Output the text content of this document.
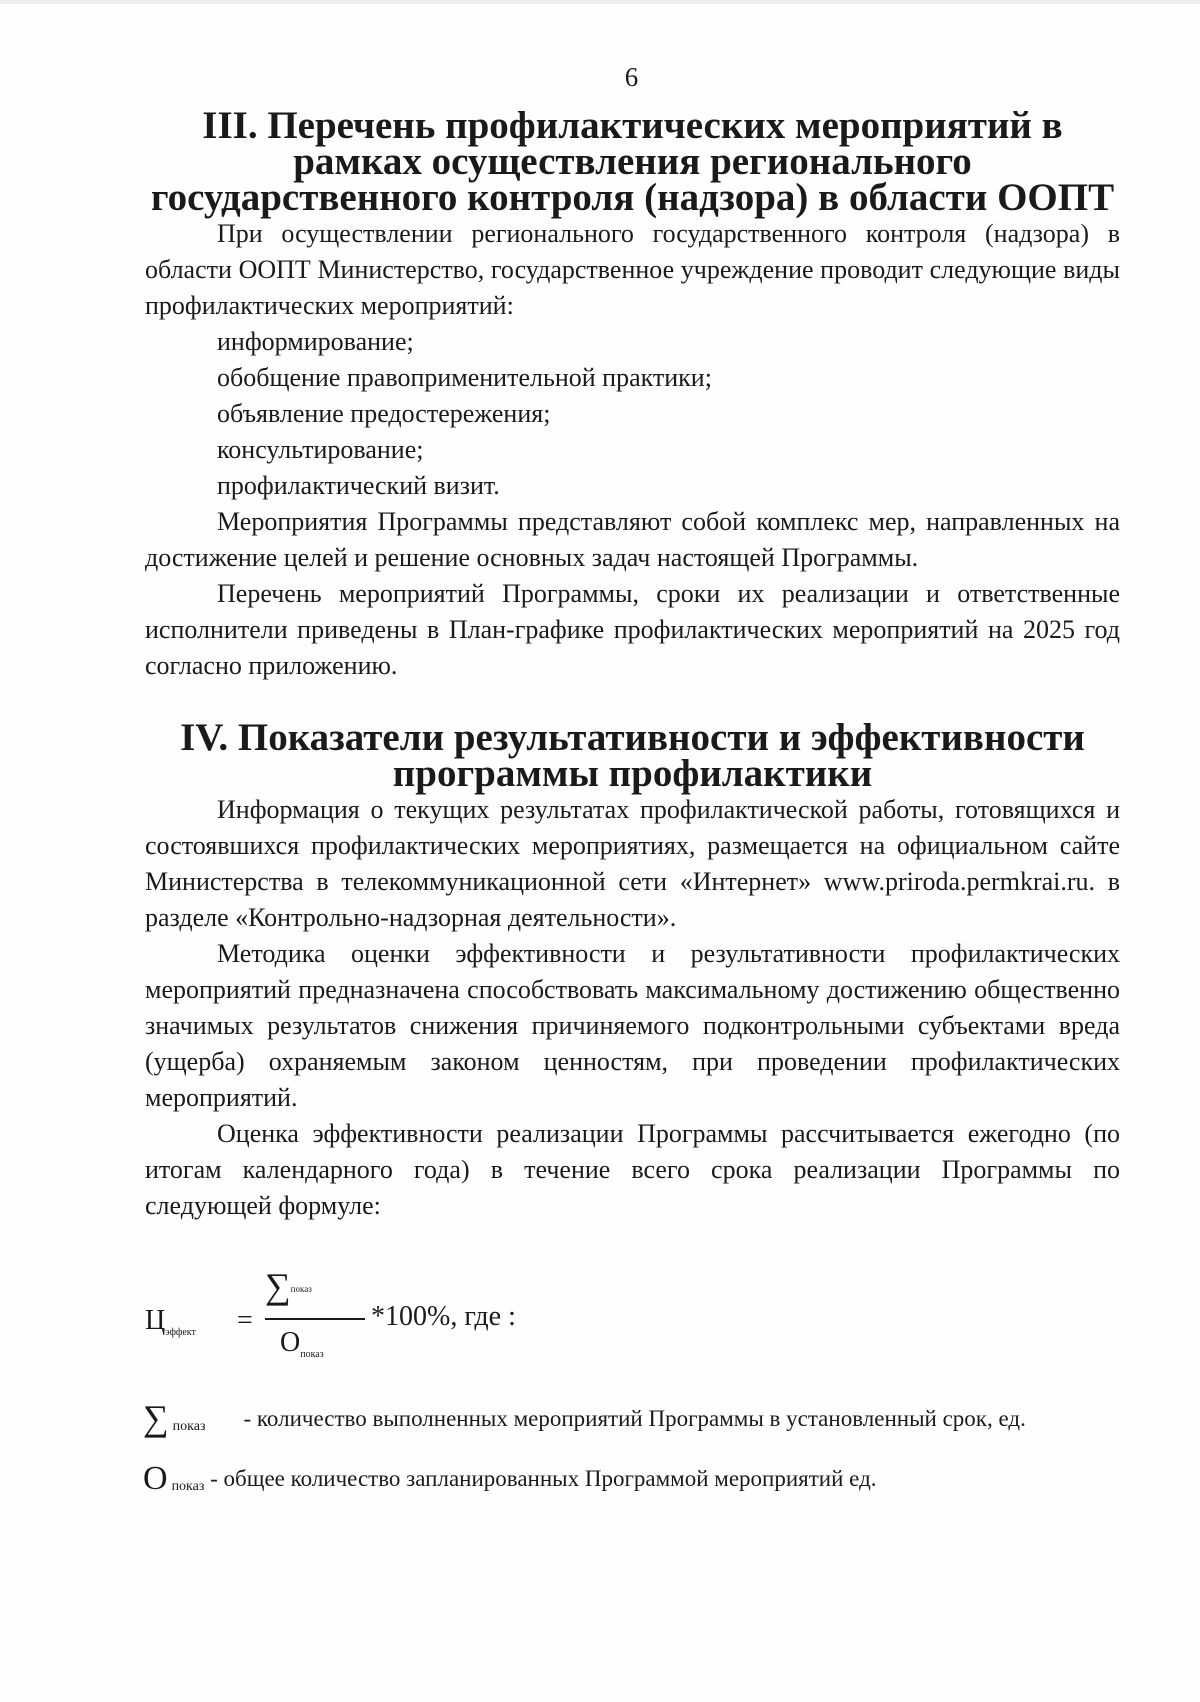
6
III. Перечень профилактических мероприятий в рамках осуществления регионального государственного контроля (надзора) в области ООПТ

При осуществлении регионального государственного контроля (надзора) в области ООПТ Министерство, государственное учреждение проводит следующие виды профилактических мероприятий:

информирование;

обобщение правоприменительной практики;

объявление предостережения;

консультирование;

профилактический визит.

Мероприятия Программы представляют собой комплекс мер, направленных на достижение целей и решение основных задач настоящей Программы.

Перечень мероприятий Программы, сроки их реализации и ответственные исполнители приведены в План-графике профилактических мероприятий на 2025 год согласно приложению.

IV. Показатели результативности и эффективности программы профилактики

Информация о текущих результатах профилактической работы, готовящихся и состоявшихся профилактических мероприятиях, размещается на официальном сайте Министерства в телекоммуникационной сети «Интернет» www.priroda.permkrai.ru. в разделе «Контрольно-надзорная деятельности».

Методика оценки эффективности и результативности профилактических мероприятий предназначена способствовать максимальному достижению общественно значимых результатов снижения причиняемого подконтрольными субъектами вреда (ущерба) охраняемым законом ценностям, при проведении профилактических мероприятий.

Оценка эффективности реализации Программы рассчитывается ежегодно (по итогам календарного года) в течение всего срока реализации Программы по следующей формуле:

$Ц_{эффект}$ =
∑показ
$О_{показ}$
*100%, где :
∑ показ - количество выполненных мероприятий Программы в установленный срок, ед.
Опоказ - общее количество запланированных Программой мероприятий ед.
